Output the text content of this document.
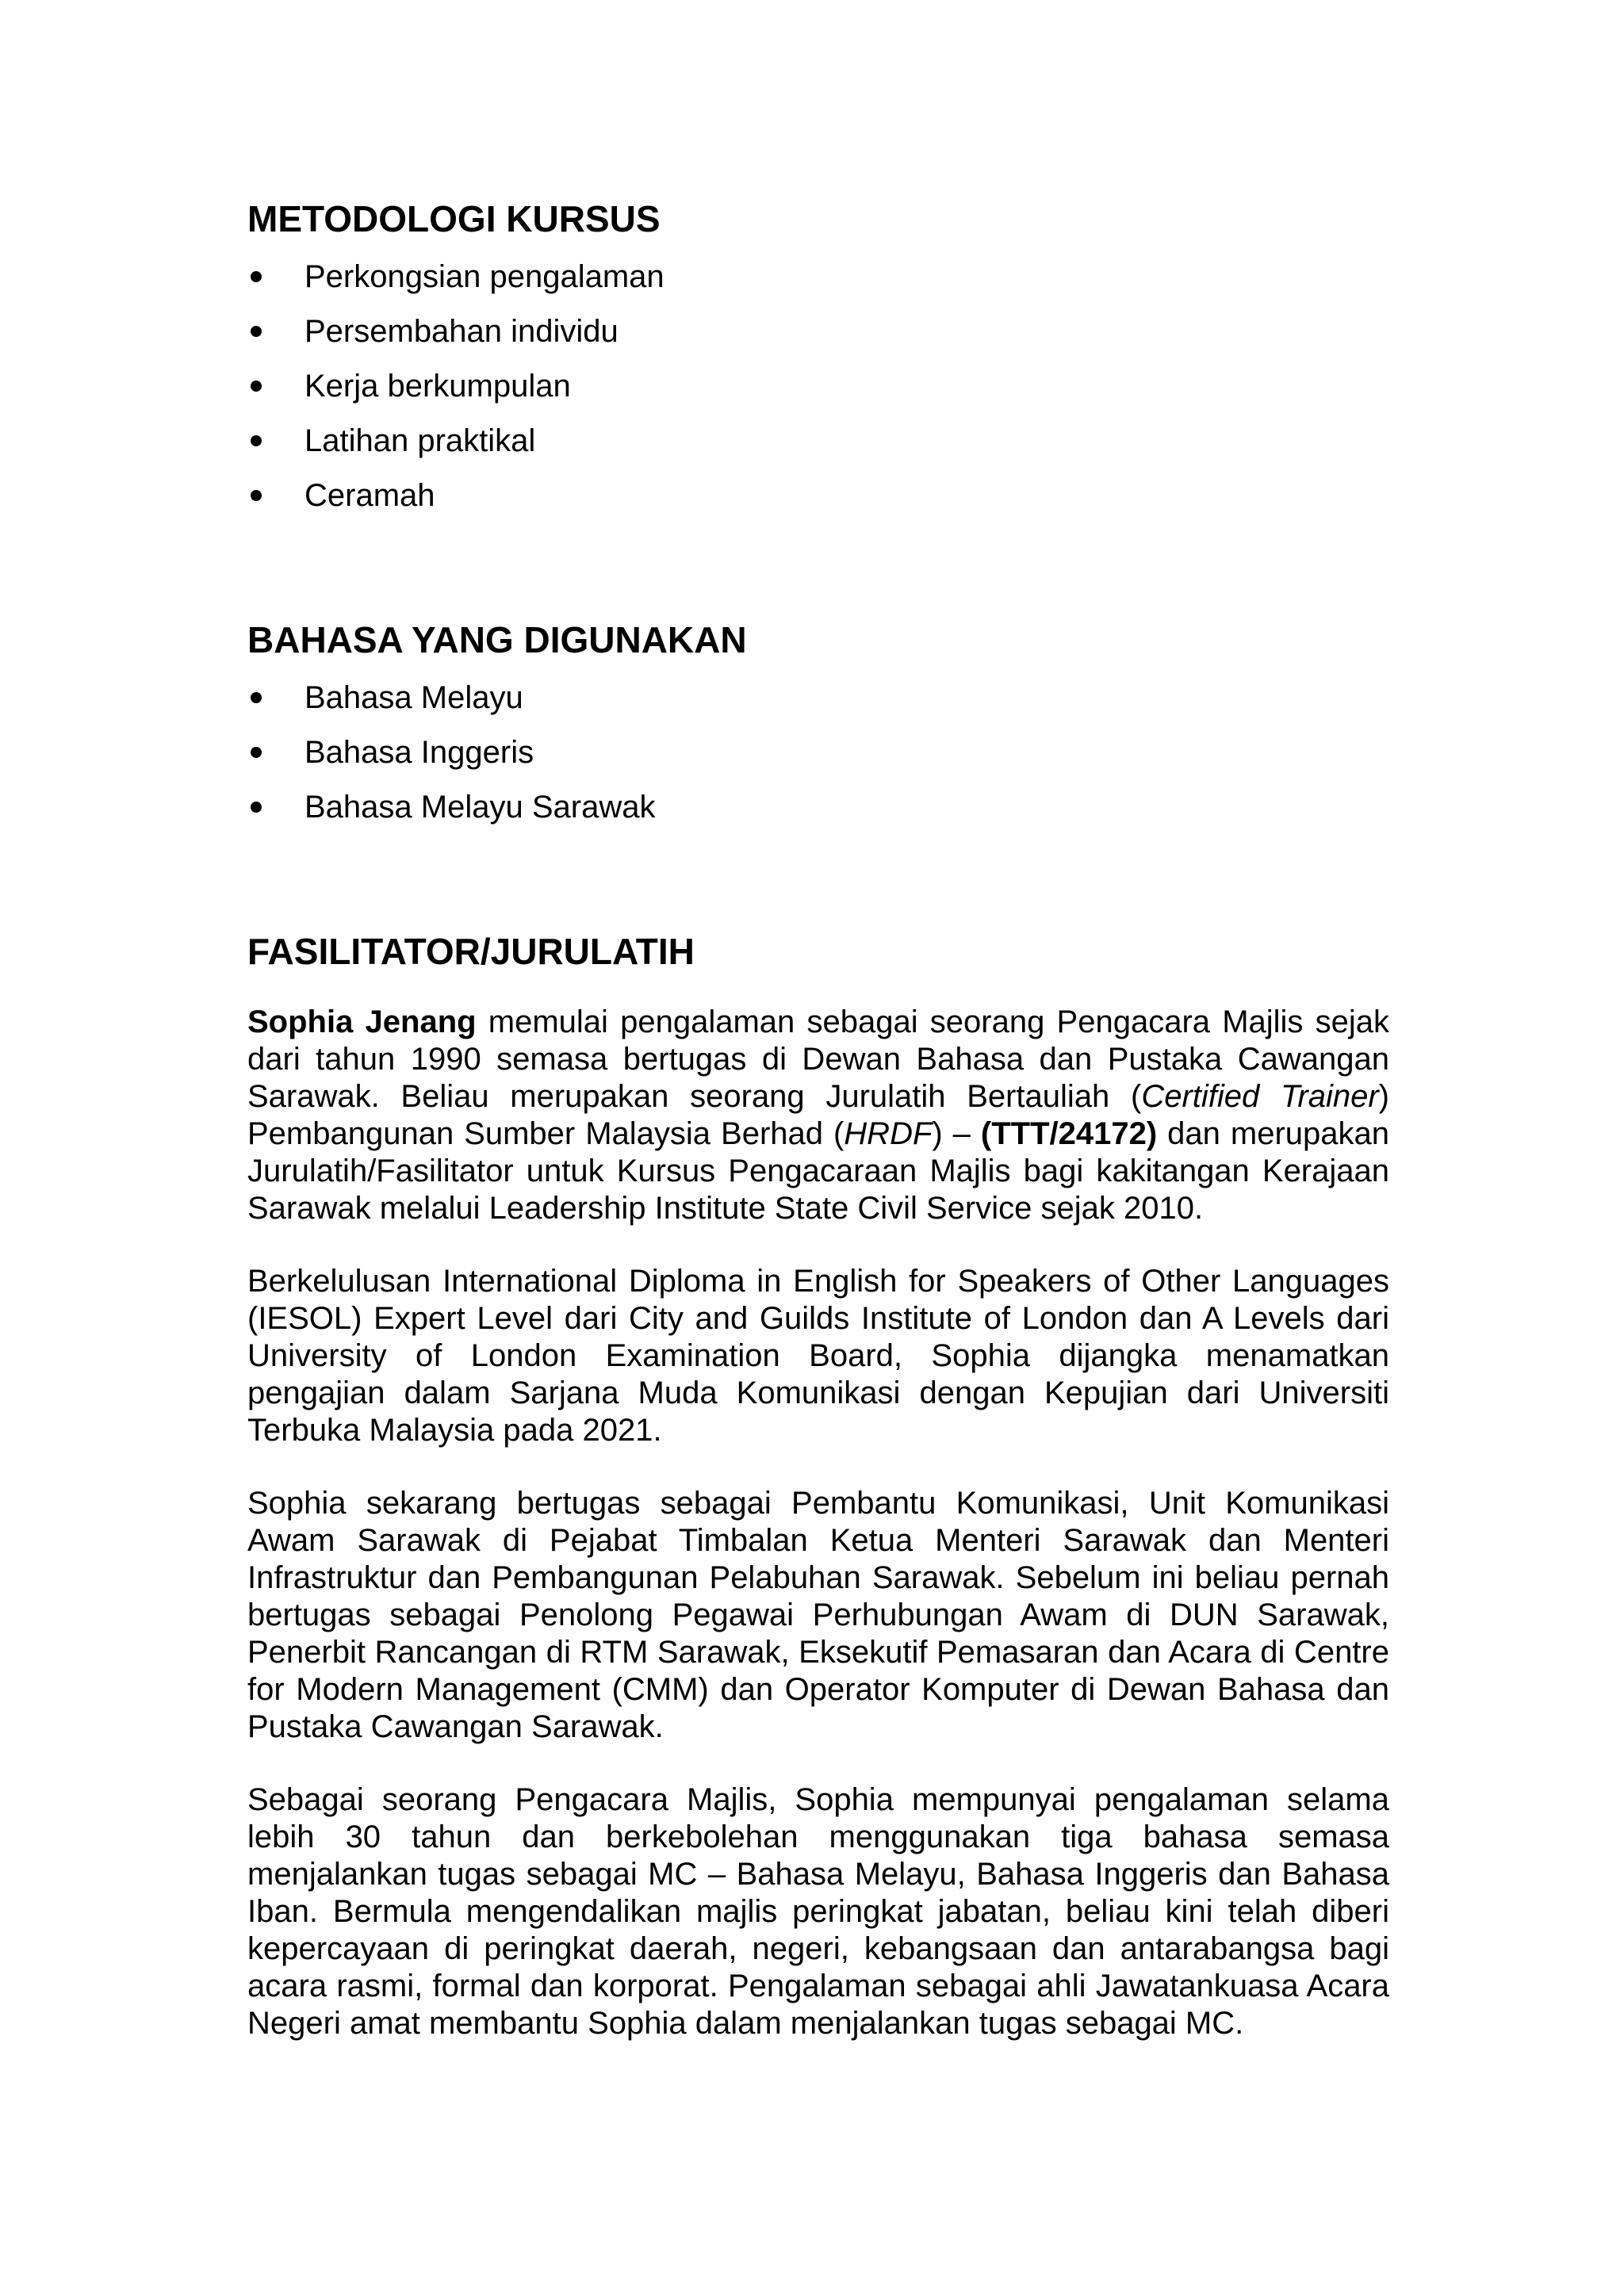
METODOLOGI KURSUS
Perkongsian pengalaman
Persembahan individu
Kerja berkumpulan
Latihan praktikal
Ceramah
BAHASA YANG DIGUNAKAN
Bahasa Melayu
Bahasa Inggeris
Bahasa Melayu Sarawak
FASILITATOR/JURULATIH

Sophia Jenang memulai pengalaman sebagai seorang Pengacara Majlis sejak dari tahun 1990 semasa bertugas di Dewan Bahasa dan Pustaka Cawangan Sarawak. Beliau merupakan seorang Jurulatih Bertauliah (Certified Trainer) Pembangunan Sumber Malaysia Berhad (HRDF) – (TTT/24172) dan merupakan Jurulatih/Fasilitator untuk Kursus Pengacaraan Majlis bagi kakitangan Kerajaan Sarawak melalui Leadership Institute State Civil Service sejak 2010.

Berkelulusan International Diploma in English for Speakers of Other Languages (IESOL) Expert Level dari City and Guilds Institute of London dan A Levels dari University of London Examination Board, Sophia dijangka menamatkan pengajian dalam Sarjana Muda Komunikasi dengan Kepujian dari Universiti Terbuka Malaysia pada 2021.

Sophia sekarang bertugas sebagai Pembantu Komunikasi, Unit Komunikasi Awam Sarawak di Pejabat Timbalan Ketua Menteri Sarawak dan Menteri Infrastruktur dan Pembangunan Pelabuhan Sarawak. Sebelum ini beliau pernah bertugas sebagai Penolong Pegawai Perhubungan Awam di DUN Sarawak, Penerbit Rancangan di RTM Sarawak, Eksekutif Pemasaran dan Acara di Centre for Modern Management (CMM) dan Operator Komputer di Dewan Bahasa dan Pustaka Cawangan Sarawak.

Sebagai seorang Pengacara Majlis, Sophia mempunyai pengalaman selama lebih 30 tahun dan berkebolehan menggunakan tiga bahasa semasa menjalankan tugas sebagai MC – Bahasa Melayu, Bahasa Inggeris dan Bahasa Iban. Bermula mengendalikan majlis peringkat jabatan, beliau kini telah diberi kepercayaan di peringkat daerah, negeri, kebangsaan dan antarabangsa bagi acara rasmi, formal dan korporat. Pengalaman sebagai ahli Jawatankuasa Acara Negeri amat membantu Sophia dalam menjalankan tugas sebagai MC.
